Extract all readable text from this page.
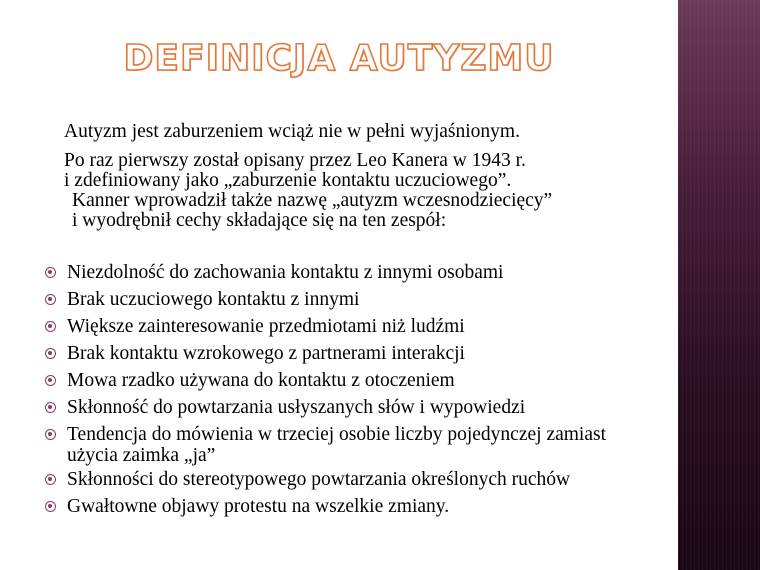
DEFINICJA AUTYZMU
Autyzm jest zaburzeniem wciąż nie w pełni wyjaśnionym.
Po raz pierwszy został opisany przez Leo Kanera w 1943 r.
i zdefiniowany jako „zaburzenie kontaktu uczuciowego”.
Kanner wprowadził także nazwę „autyzm wczesnodziecięcy”
i wyodrębnił cechy składające się na ten zespół:
Niezdolność do zachowania kontaktu z innymi osobami
Brak uczuciowego kontaktu z innymi
Większe zainteresowanie przedmiotami niż ludźmi
Brak kontaktu wzrokowego z partnerami interakcji
Mowa rzadko używana do kontaktu z otoczeniem
Skłonność do powtarzania usłyszanych słów i wypowiedzi
Tendencja do mówienia w trzeciej osobie liczby pojedynczej zamiast użycia zaimka „ja”
Skłonności do stereotypowego powtarzania określonych ruchów
Gwałtowne objawy protestu na wszelkie zmiany.
